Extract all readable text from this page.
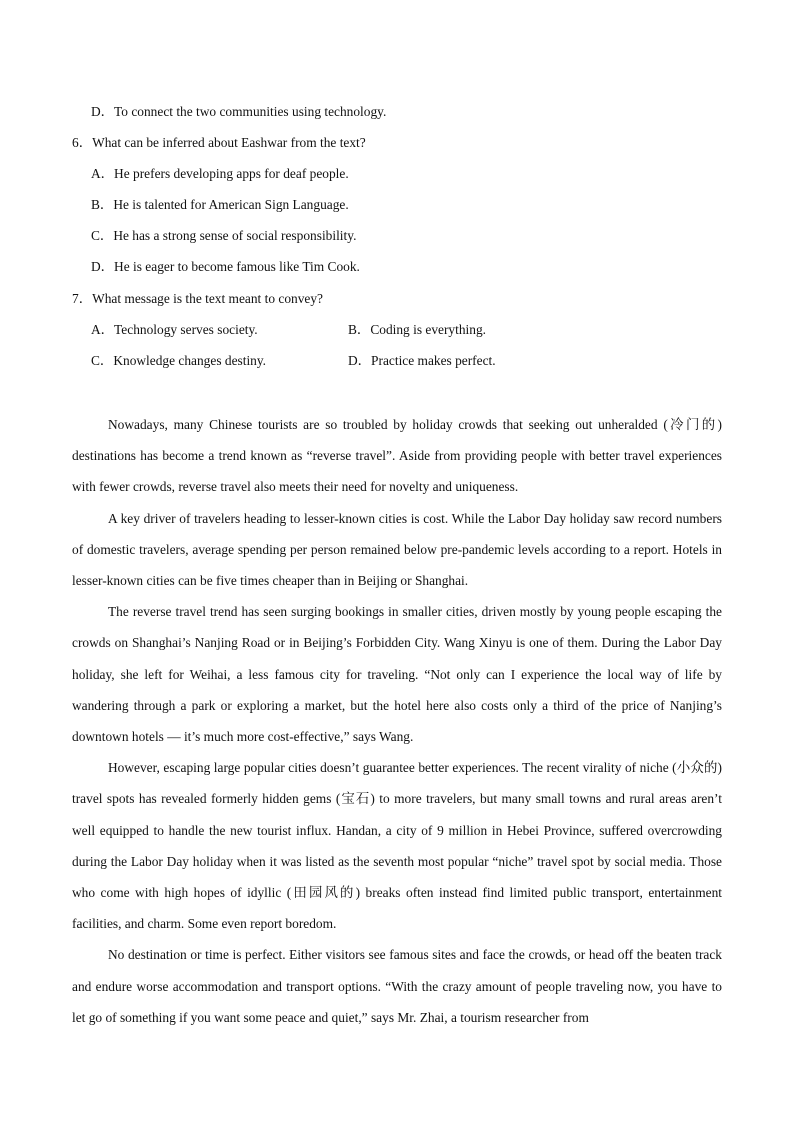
D．To connect the two communities using technology.
6．What can be inferred about Eashwar from the text?
A．He prefers developing apps for deaf people.
B．He is talented for American Sign Language.
C．He has a strong sense of social responsibility.
D．He is eager to become famous like Tim Cook.
7．What message is the text meant to convey?
A．Technology serves society.	B．Coding is everything.
C．Knowledge changes destiny.	D．Practice makes perfect.

Nowadays, many Chinese tourists are so troubled by holiday crowds that seeking out unheralded (冷门的) destinations has become a trend known as “reverse travel”. Aside from providing people with better travel experiences with fewer crowds, reverse travel also meets their need for novelty and uniqueness.

A key driver of travelers heading to lesser-known cities is cost. While the Labor Day holiday saw record numbers of domestic travelers, average spending per person remained below pre-pandemic levels according to a report. Hotels in lesser-known cities can be five times cheaper than in Beijing or Shanghai.

The reverse travel trend has seen surging bookings in smaller cities, driven mostly by young people escaping the crowds on Shanghai’s Nanjing Road or in Beijing’s Forbidden City. Wang Xinyu is one of them. During the Labor Day holiday, she left for Weihai, a less famous city for traveling. “Not only can I experience the local way of life by wandering through a park or exploring a market, but the hotel here also costs only a third of the price of Nanjing’s downtown hotels — it’s much more cost-effective,” says Wang.

However, escaping large popular cities doesn’t guarantee better experiences. The recent virality of niche (小众的) travel spots has revealed formerly hidden gems (宝石) to more travelers, but many small towns and rural areas aren’t well equipped to handle the new tourist influx. Handan, a city of 9 million in Hebei Province, suffered overcrowding during the Labor Day holiday when it was listed as the seventh most popular “niche” travel spot by social media. Those who come with high hopes of idyllic (田园风的) breaks often instead find limited public transport, entertainment facilities, and charm. Some even report boredom.

No destination or time is perfect. Either visitors see famous sites and face the crowds, or head off the beaten track and endure worse accommodation and transport options. “With the crazy amount of people traveling now, you have to let go of something if you want some peace and quiet,” says Mr. Zhai, a tourism researcher from
